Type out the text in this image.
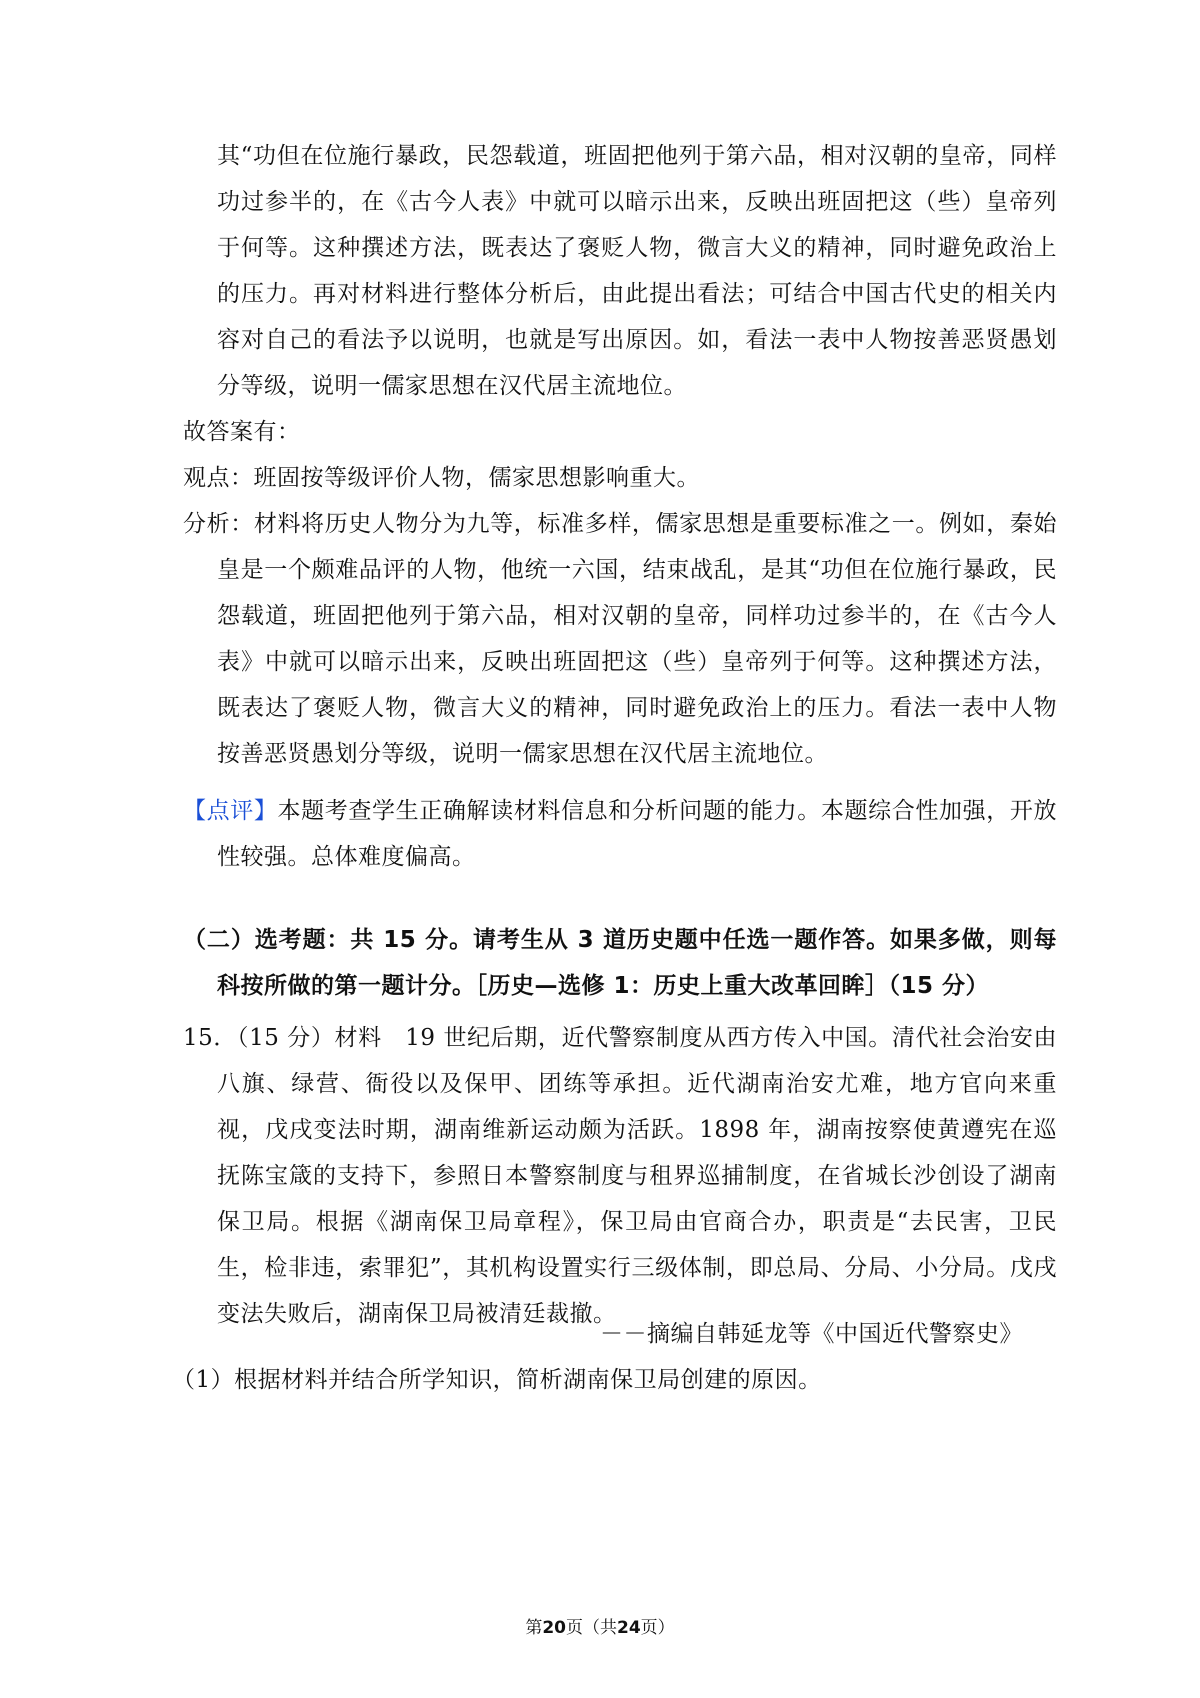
其“功但在位施行暴政，民怨载道，班固把他列于第六品，相对汉朝的皇帝，同样功过参半的，在《古今人表》中就可以暗示出来，反映出班固把这（些）皇帝列于何等。这种撰述方法，既表达了褒贬人物，微言大义的精神，同时避免政治上的压力。再对材料进行整体分析后，由此提出看法；可结合中国古代史的相关内容对自己的看法予以说明，也就是写出原因。如，看法一表中人物按善恶贤愚划分等级，说明一儒家思想在汉代居主流地位。
故答案有：
观点：班固按等级评价人物，儒家思想影响重大。
分析：材料将历史人物分为九等，标准多样，儒家思想是重要标准之一。例如，秦始皇是一个颇难品评的人物，他统一六国，结束战乱，是其“功但在位施行暴政，民怨载道，班固把他列于第六品，相对汉朝的皇帝，同样功过参半的，在《古今人表》中就可以暗示出来，反映出班固把这（些）皇帝列于何等。这种撰述方法，既表达了褒贬人物，微言大义的精神，同时避免政治上的压力。看法一表中人物按善恶贤愚划分等级，说明一儒家思想在汉代居主流地位。
【点评】本题考查学生正确解读材料信息和分析问题的能力。本题综合性加强，开放性较强。总体难度偏高。
（二）选考题：共 15 分。请考生从 3 道历史题中任选一题作答。如果多做，则每科按所做的第一题计分。［历史—选修 1：历史上重大改革回眸］（15 分）
15．（15 分）材料　19 世纪后期，近代警察制度从西方传入中国。清代社会治安由八旗、绿营、衙役以及保甲、团练等承担。近代湖南治安尤难，地方官向来重视，戊戌变法时期，湖南维新运动颇为活跃。1898 年，湖南按察使黄遵宪在巡抚陈宝箴的支持下，参照日本警察制度与租界巡捕制度，在省城长沙创设了湖南保卫局。根据《湖南保卫局章程》，保卫局由官商合办，职责是“去民害，卫民生，检非违，索罪犯”，其机构设置实行三级体制，即总局、分局、小分局。戊戌变法失败后，湖南保卫局被清廷裁撤。
－－摘编自韩延龙等《中国近代警察史》
（1）根据材料并结合所学知识，简析湖南保卫局创建的原因。
第20页（共24页）
